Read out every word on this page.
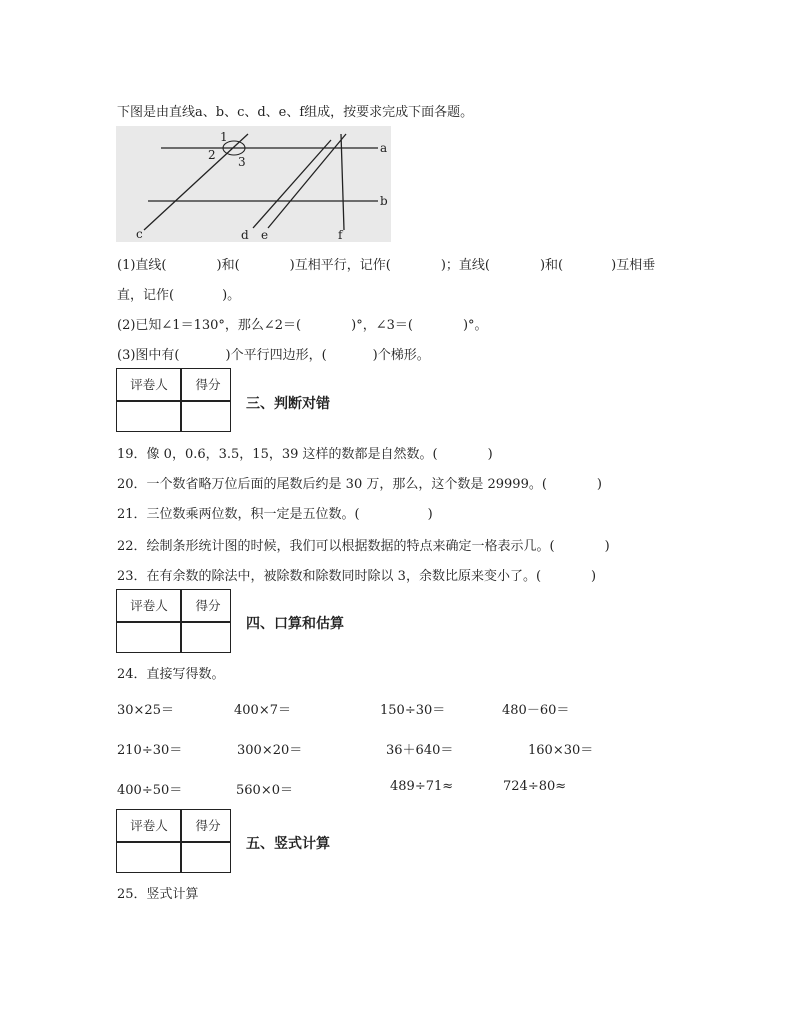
下图是由直线a、b、c、d、e、f组成，按要求完成下面各题。
1
2 3
a
b
c	d e	f
(1)直线(	)和(	)互相平行，记作(	)；直线(	)和(	)互相垂
直，记作(	)。
(2)已知∠1＝130°，那么∠2＝(	)°，∠3＝(	)°。
(3)图中有(	)个平行四边形，(	)个梯形。
评卷人	得分
三、判断对错
19．像 0，0.6，3.5，15，39 这样的数都是自然数。(	)
20．一个数省略万位后面的尾数后约是 30 万，那么，这个数是 29999。(	)
21．三位数乘两位数，积一定是五位数。(	)
22．绘制条形统计图的时候，我们可以根据数据的特点来确定一格表示几。(	)
23．在有余数的除法中，被除数和除数同时除以 3，余数比原来变小了。(	)
评卷人	得分
四、口算和估算
24．直接写得数。
30×25＝	400×7＝	150÷30＝	480－60＝
210÷30＝	300×20＝	36＋640＝	160×30＝
400÷50＝	560×0＝	489÷71≈	724÷80≈
评卷人	得分
五、竖式计算
25．竖式计算
